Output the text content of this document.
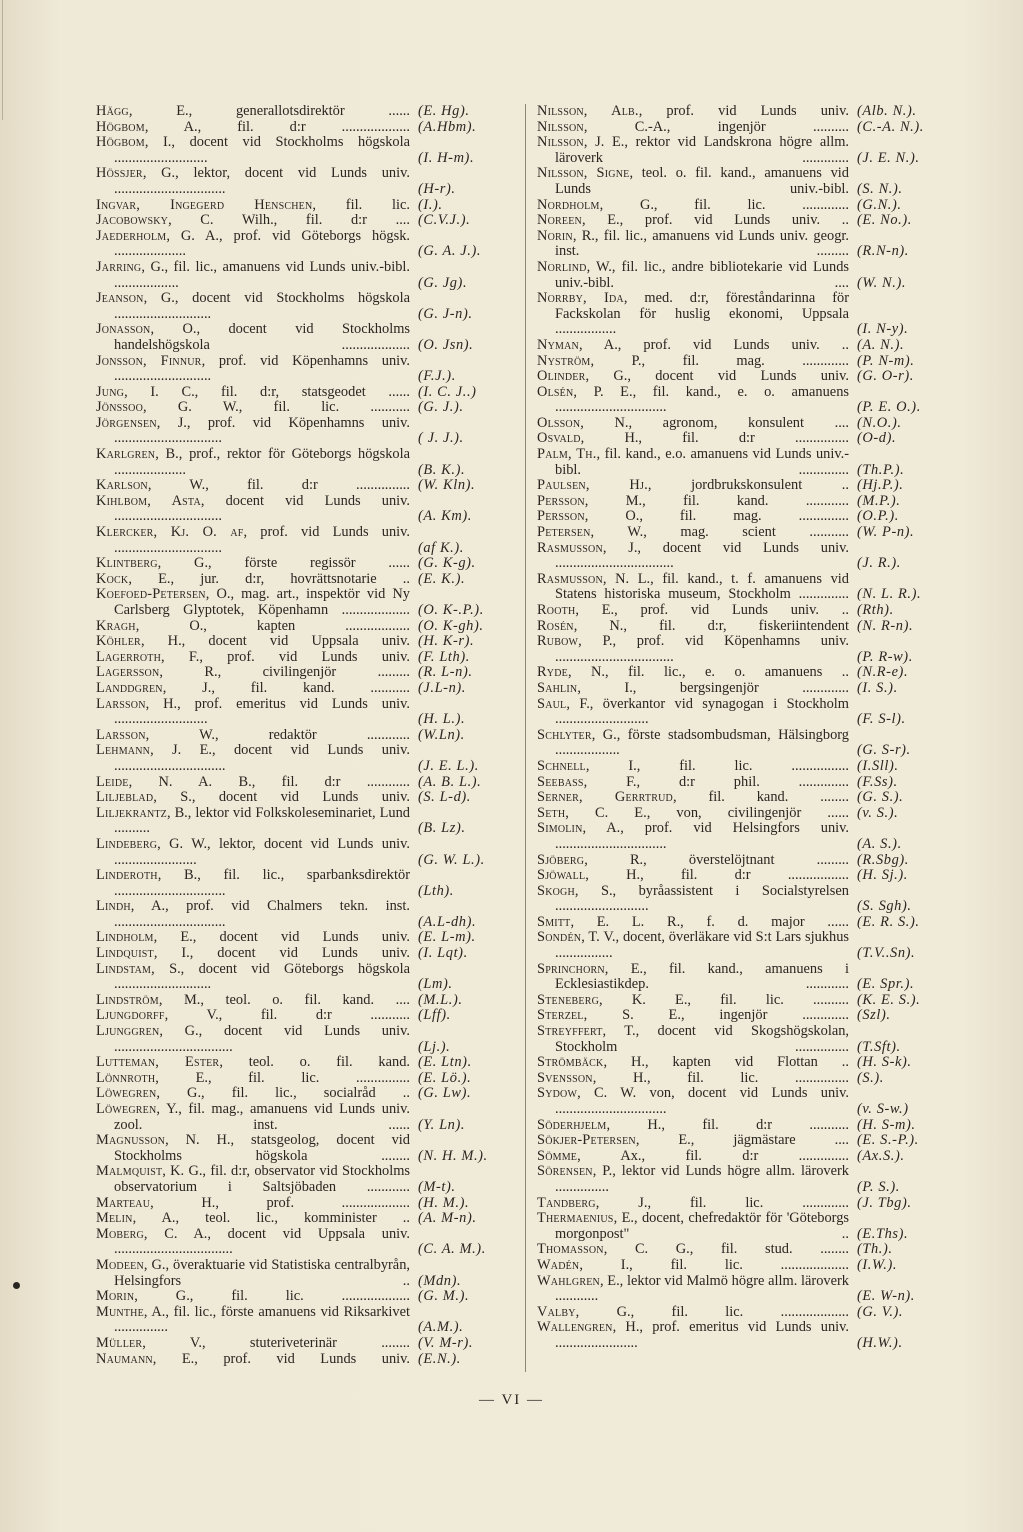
Hägg, E., generallotsdirektör ...... (E. Hg).
Högbom, A., fil. d:r ................... (A.Hbm).
Högbom, I., docent vid Stockholms högskola ..........................	(I. H-m).
Hössjer, G., lektor, docent vid Lunds univ. ...............................	(H-r).
Ingvar, Ingegerd Henschen, fil. lic. (I.).
Jacobowsky, C. Wilh., fil. d:r .... (C.V.J.).
Jaederholm, G. A., prof. vid Göteborgs högsk. ....................	(G. A. J.).
Jarring, G., fil. lic., amanuens vid Lunds univ.-bibl. ..................	(G. Jg).
Jeanson, G., docent vid Stockholms högskola ...........................	(G. J-n).
Jonasson, O., docent vid Stockholms handelshögskola ................... (O. Jsn).
Jonsson, Finnur, prof. vid Köpenhamns univ. ...........................	(F.J.).
Jung, I. C., fil. d:r, statsgeodet ...... (I. C. J..)
Jönssoo, G. W., fil. lic. ........... (G. J.).
Jörgensen, J., prof. vid Köpenhamns univ. ..............................	( J. J.).
Karlgren, B., prof., rektor för Göteborgs högskola ....................	(B. K.).
Karlson, W., fil. d:r ............... (W. Kln).
Kihlbom, Asta, docent vid Lunds univ. ..............................	(A. Km).
Klercker, Kj. O. af, prof. vid Lunds univ. ..............................	(af K.).
Klintberg, G., förste regissör ...... (G. K-g).
Kock, E., jur. d:r, hovrättsnotarie .. (E. K.).
Koefoed-Petersen, O., mag. art., inspektör vid Ny Carlsberg Glyptotek, Köpenhamn ................... (O. K-.P.).
Kragh, O., kapten .................. (O. K-gh).
Köhler, H., docent vid Uppsala univ. (H. K-r).
Lagerroth, F., prof. vid Lunds univ. (F. Lth).
Lagersson, R., civilingenjör ......... (R. L-n).
Landdgren, J., fil. kand. ........... (J.L-n).
Larsson, H., prof. emeritus vid Lunds univ. ..........................	(H. L.).
Larsson, W., redaktör ............ (W.Ln).
Lehmann, J. E., docent vid Lunds univ. ...............................	(J. E. L.).
Leide, N. A. B., fil. d:r ............ (A. B. L.).
Liljeblad, S., docent vid Lunds univ. (S. L-d).
Liljekrantz, B., lektor vid Folkskoleseminariet, Lund ..........	(B. Lz).
Lindeberg, G. W., lektor, docent vid Lunds univ. .......................	(G. W. L.).
Linderoth, B., fil. lic., sparbanksdirektör ...............................	(Lth).
Lindh, A., prof. vid Chalmers tekn. inst. ...............................	(A.L-dh).
Lindholm, E., docent vid Lunds univ. (E. L-m).
Lindquist, I., docent vid Lunds univ. (I. Lqt).
Lindstam, S., docent vid Göteborgs högskola ...........................	(Lm).
Lindström, M., teol. o. fil. kand. .... (M.L.).
Ljungdorff, V., fil. d:r ........... (Lff).
Ljunggren, G., docent vid Lunds univ. .................................	(Lj.).
Lutteman, Ester, teol. o. fil. kand. (E. Ltn).
Lönnroth, E., fil. lic. ............... (E. Lö.).
Löwegren, G., fil. lic., socialråd .. (G. Lw).
Löwegren, Y., fil. mag., amanuens vid Lunds univ. zool. inst. ...... (Y. Ln).
Magnusson, N. H., statsgeolog, docent vid Stockholms högskola ........ (N. H. M.).
Malmquist, K. G., fil. d:r, observator vid Stockholms observatorium i Saltsjöbaden ............ (M-t).
Marteau, H., prof. ................... (H. M.).
Melin, A., teol. lic., komminister .. (A. M-n).
Moberg, C. A., docent vid Uppsala univ. .................................	(C. A. M.).
Modeen, G., överaktuarie vid Statistiska centralbyrån, Helsingfors .. (Mdn).
Morin, G., fil. lic. ................... (G. M.).
Munthe, A., fil. lic., förste amanuens vid Riksarkivet ...............	(A.M.).
Müller, V., stuteriveterinär ........ (V. M-r).
Naumann, E., prof. vid Lunds univ. (E.N.).
Nilsson, Alb., prof. vid Lunds univ. (Alb. N.).
Nilsson, C.-A., ingenjör .......... (C.-A. N.).
Nilsson, J. E., rektor vid Landskrona högre allm. läroverk ............. (J. E. N.).
Nilsson, Signe, teol. o. fil. kand., amanuens vid Lunds univ.-bibl. (S. N.).
Nordholm, G., fil. lic. ............. (G.N.).
Noreen, E., prof. vid Lunds univ. .. (E. No.).
Norin, R., fil. lic., amanuens vid Lunds univ. geogr. inst. ......... (R.N-n).
Norlind, W., fil. lic., andre bibliotekarie vid Lunds univ.-bibl. .... (W. N.).
Norrby, Ida, med. d:r, föreståndarinna för Fackskolan för huslig ekonomi, Uppsala .................	(I. N-y).
Nyman, A., prof. vid Lunds univ. .. (A. N.).
Nyström, P., fil. mag. ............. (P. N-m).
Olinder, G., docent vid Lunds univ. (G. O-r).
Olsén, P. E., fil. kand., e. o. amanuens ...............................	(P. E. O.).
Olsson, N., agronom, konsulent .... (N.O.).
Osvald, H., fil. d:r ............... (O-d).
Palm, Th., fil. kand., e.o. amanuens vid Lunds univ.-bibl. .............. (Th.P.).
Paulsen, Hj., jordbrukskonsulent .. (Hj.P.).
Persson, M., fil. kand. ............ (M.P.).
Persson, O., fil. mag. .............. (O.P.).
Petersen, W., mag. scient ........... (W. P-n).
Rasmusson, J., docent vid Lunds univ. .................................	(J. R.).
Rasmusson, N. L., fil. kand., t. f. amanuens vid Statens historiska museum, Stockholm .............. (N. L. R.).
Rooth, E., prof. vid Lunds univ. .. (Rth).
Rosén, N., fil. d:r, fiskeriintendent (N. R-n).
Rubow, P., prof. vid Köpenhamns univ. .................................	(P. R-w).
Ryde, N., fil. lic., e. o. amanuens .. (N.R-e).
Sahlin, I., bergsingenjör ............. (I. S.).
Saul, F., överkantor vid synagogan i Stockholm ..........................	(F. S-l).
Schlyter, G., förste stadsombudsman, Hälsingborg ..................	(G. S-r).
Schnell, I., fil. lic. ................ (I.Sll).
Seebass, F., d:r phil. .............. (F.Ss).
Serner, Gerrtrud, fil. kand. ........ (G. S.).
Seth, C. E., von, civilingenjör ...... (v. S.).
Simolin, A., prof. vid Helsingfors univ. ...............................	(A. S.).
Sjöberg, R., överstelöjtnant ......... (R.Sbg).
Sjöwall, H., fil. d:r ................. (H. Sj.).
Skogh, S., byråassistent i Socialstyrelsen ..........................	(S. Sgh).
Smitt, E. L. R., f. d. major ...... (E. R. S.).
Sondén, T. V., docent, överläkare vid S:t Lars sjukhus ................	(T.V..Sn).
Sprinchorn, E., fil. kand., amanuens i Ecklesiastikdep. ............ (E. Spr.).
Steneberg, K. E., fil. lic. .......... (K. E. S.).
Sterzel, S. E., ingenjör ............. (Szl).
Streyffert, T., docent vid Skogshögskolan, Stockholm ............... (T.Sft).
Strömbäck, H., kapten vid Flottan .. (H. S-k).
Svensson, H., fil. lic. ............... (S.).
Sydow, C. W. von, docent vid Lunds univ. ...............................	(v. S-w.)
Söderhjelm, H., fil. d:r ........... (H. S-m).
Sökjer-Petersen, E., jägmästare .... (E. S.-P.).
Sömme, Ax., fil. d:r .............. (Ax.S.).
Sörensen, P., lektor vid Lunds högre allm. läroverk ...............	(P. S.).
Tandberg, J., fil. lic. ............. (J. Tbg).
Thermaenius, E., docent, chefredaktör för 'Göteborgs morgonpost" .. (E.Ths).
Thomasson, C. G., fil. stud. ........ (Th.).
Wadén, I., fil. lic. ................... (I.W.).
Wahlgren, E., lektor vid Malmö högre allm. läroverk ............	(E. W-n).
Valby, G., fil. lic. ................... (G. V.).
Wallengren, H., prof. emeritus vid Lunds univ. .......................	(H.W.).
— VI —
